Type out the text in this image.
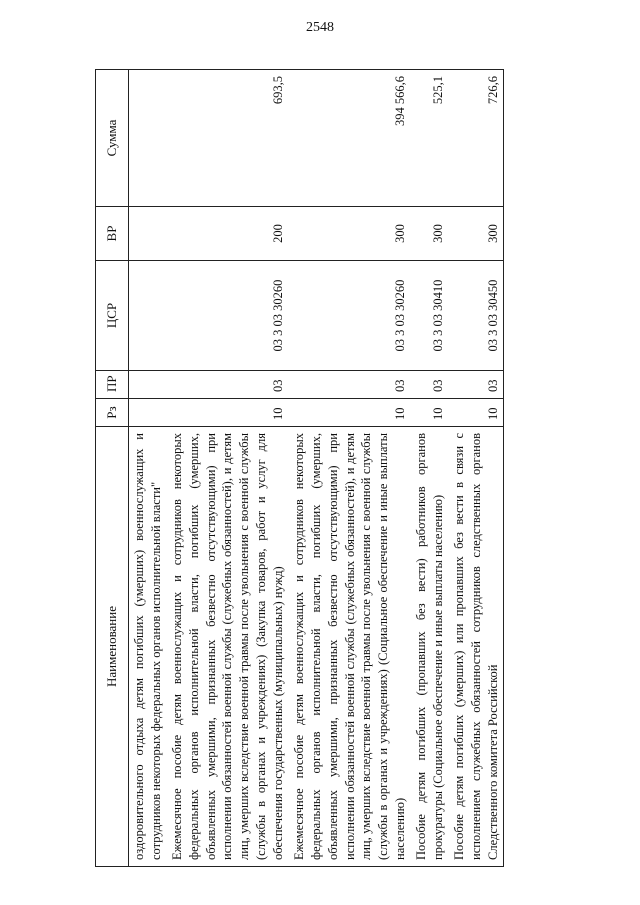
2548
Наименование	Рз	ПР	ЦСР	ВР	Сумма
оздоровительного отдыха детям погибших (умерших) военнослужащих и сотрудников некоторых федеральных органов исполнительной власти"					
Ежемесячное пособие детям военнослужащих и сотрудников некоторых федеральных органов исполнительной власти, погибших (умерших, объявленных умершими, признанных безвестно отсутствующими) при исполнении обязанностей военной службы (служебных обязанностей), и детям лиц, умерших вследствие военной травмы после увольнения с военной службы (службы в органах и учреждениях) (Закупка товаров, работ и услуг для обеспечения государственных (муниципальных) нужд)	10	03	03 3 03 30260	200	693,5
Ежемесячное пособие детям военнослужащих и сотрудников некоторых федеральных органов исполнительной власти, погибших (умерших, объявленных умершими, признанных безвестно отсутствующими) при исполнении обязанностей военной службы (служебных обязанностей), и детям лиц, умерших вследствие военной травмы после увольнения с военной службы (службы в органах и учреждениях) (Социальное обеспечение и иные выплаты населению)	10	03	03 3 03 30260	300	394 566,6
Пособие детям погибших (пропавших без вести) работников органов прокуратуры (Социальное обеспечение и иные выплаты населению)	10	03	03 3 03 30410	300	525,1
Пособие детям погибших (умерших) или пропавших без вести в связи с исполнением служебных обязанностей сотрудников следственных органов Следственного комитета Российской	10	03	03 3 03 30450	300	726,6
